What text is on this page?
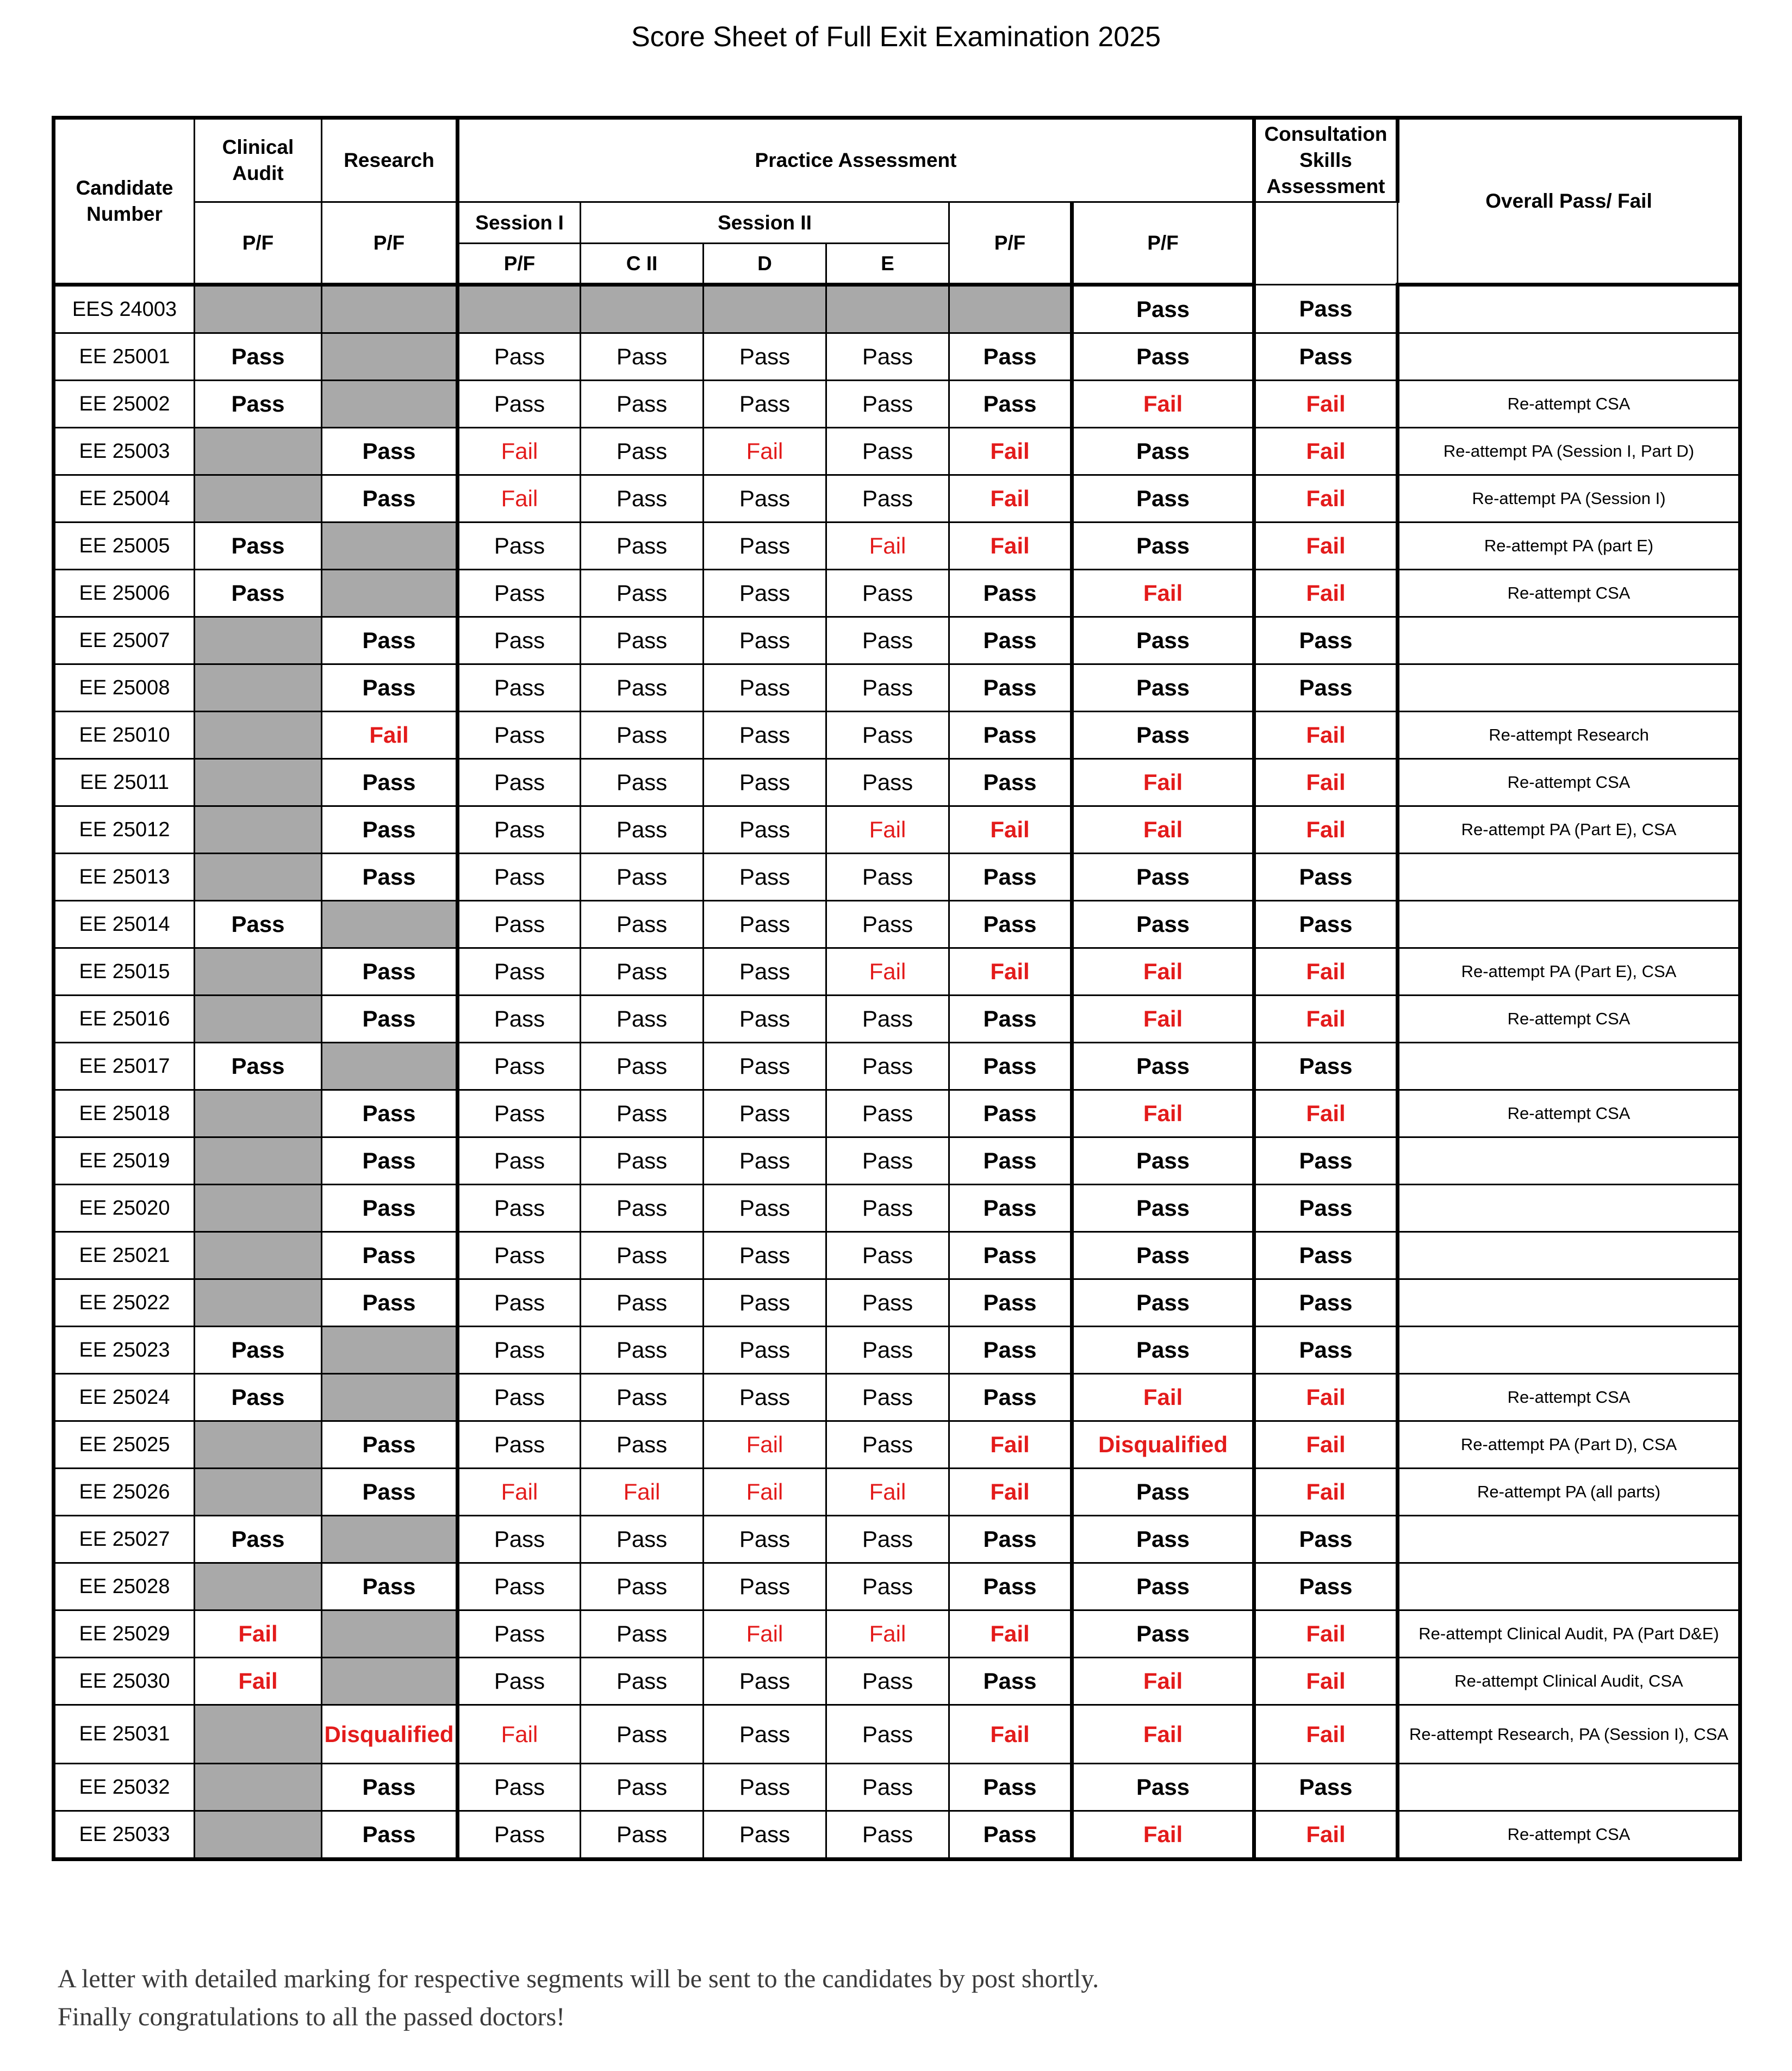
Score Sheet of Full Exit Examination 2025
Candidate Number	Clinical Audit	Research	Practice Assessment						Consultation Skills Assessment	Overall Pass/ Fail	
	P/F	P/F	Session I	Session II			P/F	P/F			
			P/F	C II	D	E					
EES 24003								Pass	Pass		
EE 25001	Pass		Pass	Pass	Pass	Pass	Pass	Pass	Pass		
EE 25002	Pass		Pass	Pass	Pass	Pass	Pass	Fail	Fail	Re-attempt CSA	
EE 25003		Pass	Fail	Pass	Fail	Pass	Fail	Pass	Fail	Re-attempt PA (Session I, Part D)	
EE 25004		Pass	Fail	Pass	Pass	Pass	Fail	Pass	Fail	Re-attempt PA (Session I)	
EE 25005	Pass		Pass	Pass	Pass	Fail	Fail	Pass	Fail	Re-attempt PA (part E)	
EE 25006	Pass		Pass	Pass	Pass	Pass	Pass	Fail	Fail	Re-attempt CSA	
EE 25007		Pass	Pass	Pass	Pass	Pass	Pass	Pass	Pass		
EE 25008		Pass	Pass	Pass	Pass	Pass	Pass	Pass	Pass		
EE 25010		Fail	Pass	Pass	Pass	Pass	Pass	Pass	Fail	Re-attempt Research	
EE 25011		Pass	Pass	Pass	Pass	Pass	Pass	Fail	Fail	Re-attempt CSA	
EE 25012		Pass	Pass	Pass	Pass	Fail	Fail	Fail	Fail	Re-attempt PA (Part E), CSA	
EE 25013		Pass	Pass	Pass	Pass	Pass	Pass	Pass	Pass		
EE 25014	Pass		Pass	Pass	Pass	Pass	Pass	Pass	Pass		
EE 25015		Pass	Pass	Pass	Pass	Fail	Fail	Fail	Fail	Re-attempt PA (Part E), CSA	
EE 25016		Pass	Pass	Pass	Pass	Pass	Pass	Fail	Fail	Re-attempt CSA	
EE 25017	Pass		Pass	Pass	Pass	Pass	Pass	Pass	Pass		
EE 25018		Pass	Pass	Pass	Pass	Pass	Pass	Fail	Fail	Re-attempt CSA	
EE 25019		Pass	Pass	Pass	Pass	Pass	Pass	Pass	Pass		
EE 25020		Pass	Pass	Pass	Pass	Pass	Pass	Pass	Pass		
EE 25021		Pass	Pass	Pass	Pass	Pass	Pass	Pass	Pass		
EE 25022		Pass	Pass	Pass	Pass	Pass	Pass	Pass	Pass		
EE 25023	Pass		Pass	Pass	Pass	Pass	Pass	Pass	Pass		
EE 25024	Pass		Pass	Pass	Pass	Pass	Pass	Fail	Fail	Re-attempt CSA	
EE 25025		Pass	Pass	Pass	Fail	Pass	Fail	Disqualified	Fail	Re-attempt PA (Part D), CSA	
EE 25026		Pass	Fail	Fail	Fail	Fail	Fail	Pass	Fail	Re-attempt PA (all parts)	
EE 25027	Pass		Pass	Pass	Pass	Pass	Pass	Pass	Pass		
EE 25028		Pass	Pass	Pass	Pass	Pass	Pass	Pass	Pass		
EE 25029	Fail		Pass	Pass	Fail	Fail	Fail	Pass	Fail	Re-attempt Clinical Audit, PA (Part D&E)	
EE 25030	Fail		Pass	Pass	Pass	Pass	Pass	Fail	Fail	Re-attempt Clinical Audit, CSA	
EE 25031		Disqualified	Fail	Pass	Pass	Pass	Fail	Fail	Fail	Re-attempt Research, PA (Session I), CSA	
EE 25032		Pass	Pass	Pass	Pass	Pass	Pass	Pass	Pass		
EE 25033		Pass	Pass	Pass	Pass	Pass	Pass	Fail	Fail	Re-attempt CSA	
A letter with detailed marking for respective segments will be sent to the candidates by post shortly.
Finally congratulations to all the passed doctors!
